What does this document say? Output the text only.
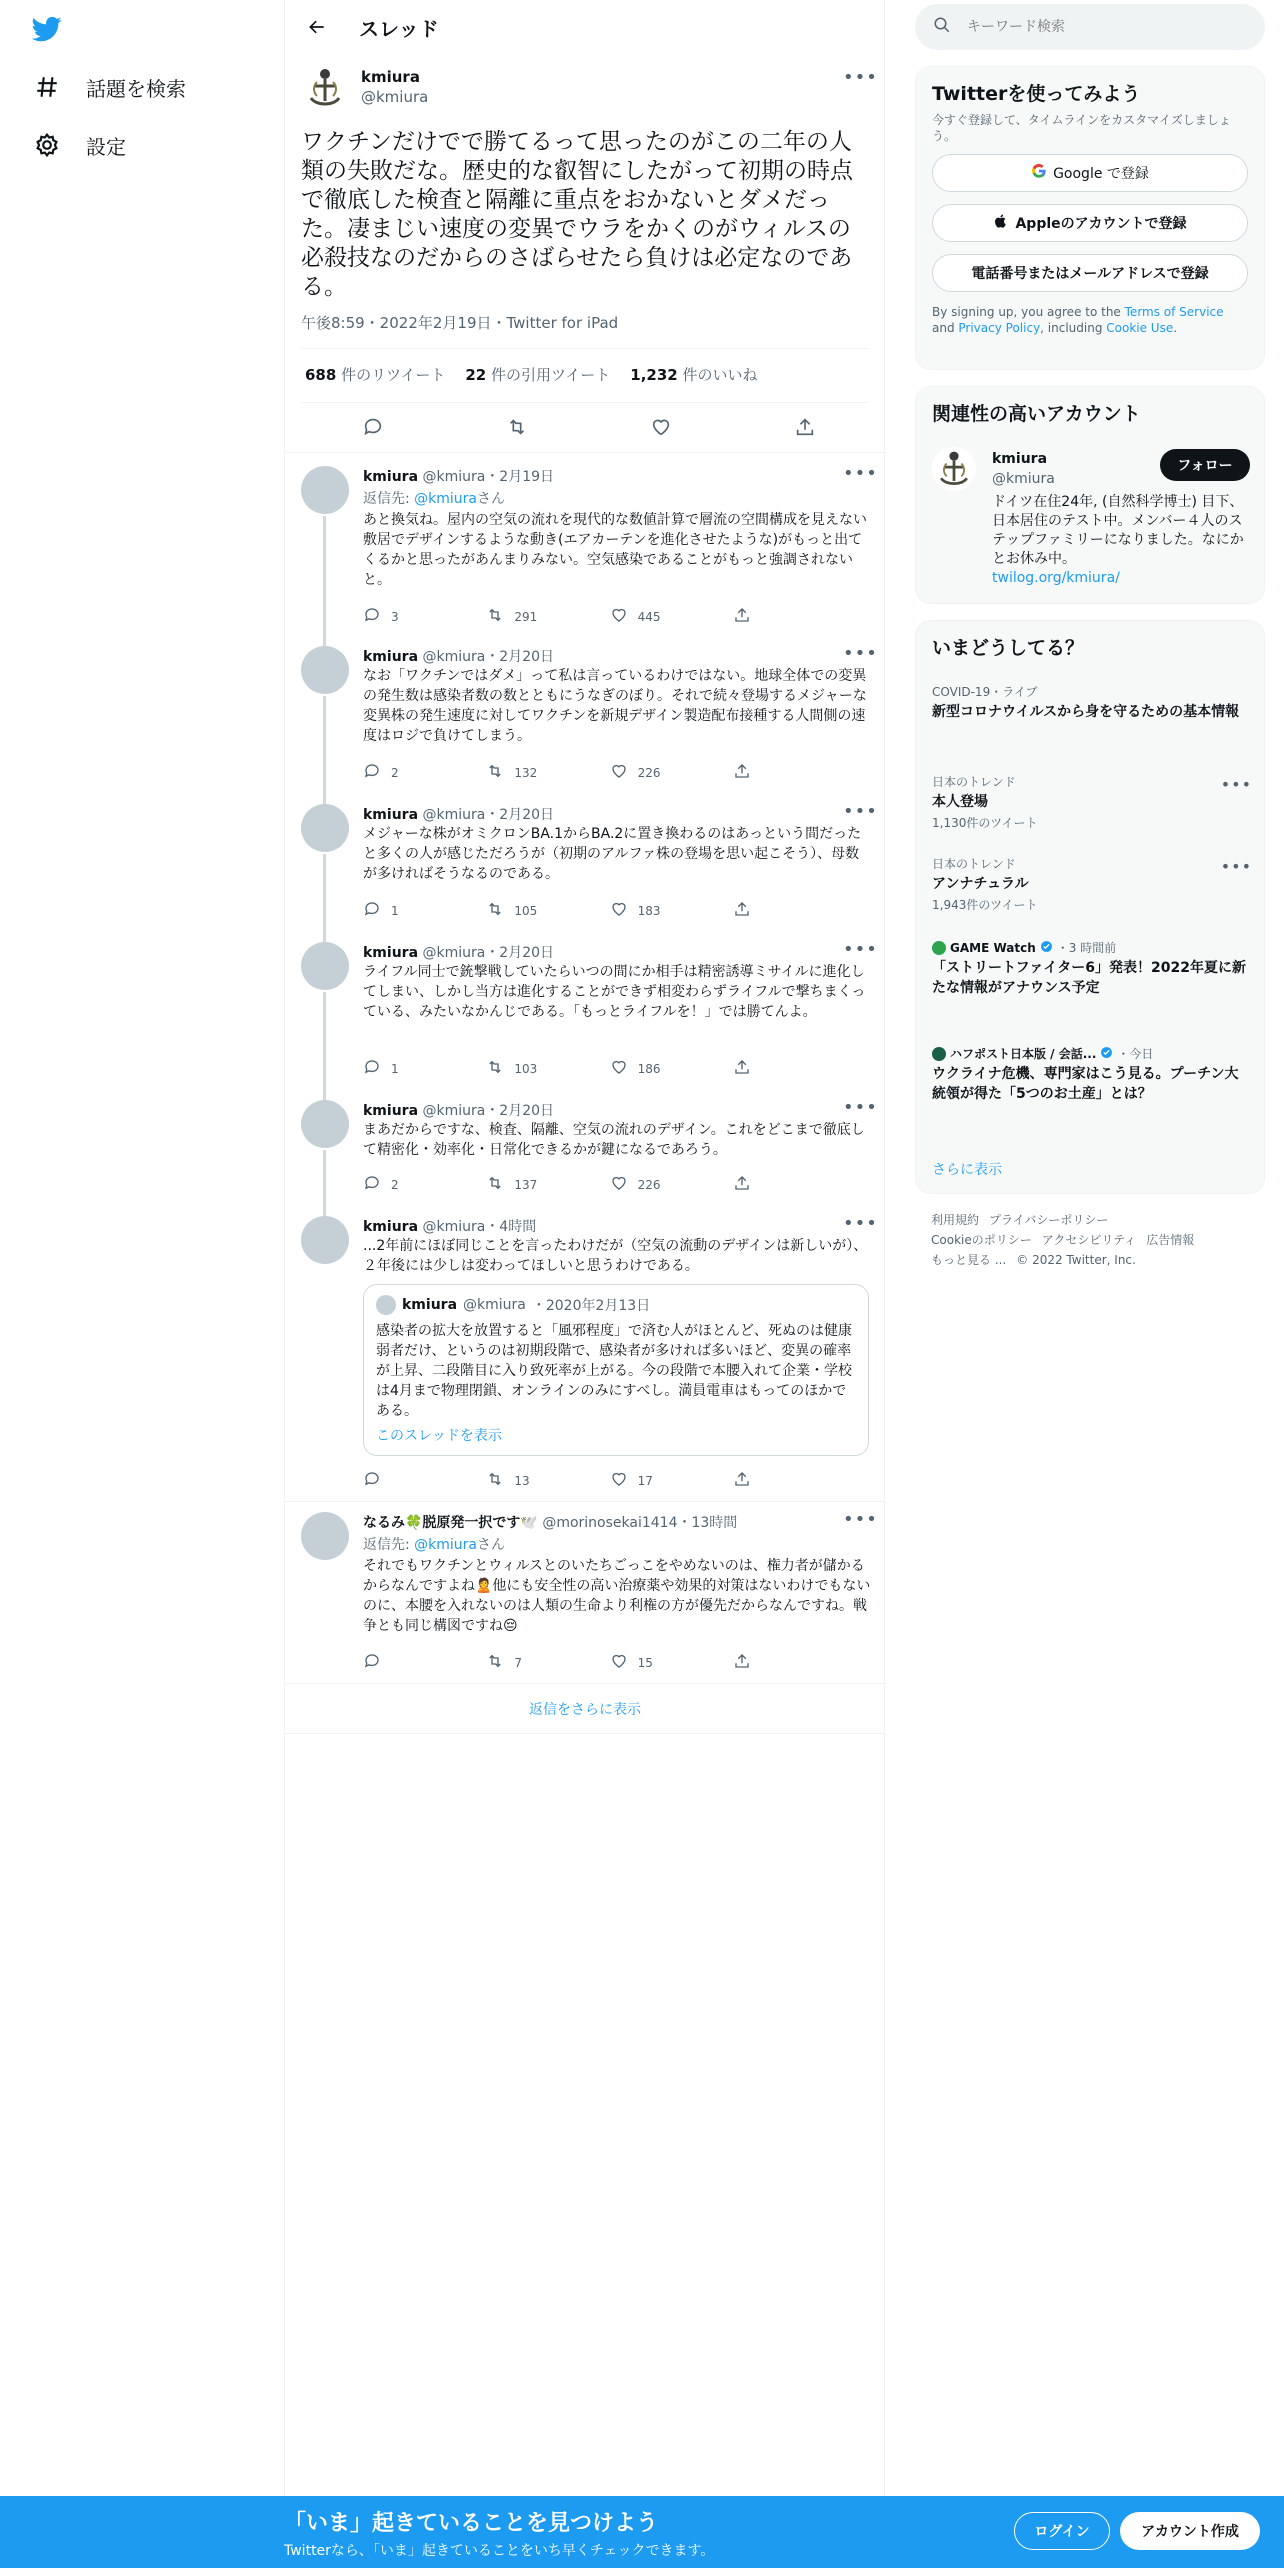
話題を検索
設定
スレッド
kmiura
@kmiura
•••
ワクチンだけでで勝てるって思ったのがこの二年の人類の失敗だな。歴史的な叡智にしたがって初期の時点で徹底した検査と隔離に重点をおかないとダメだった。凄まじい速度の変異でウラをかくのがウィルスの必殺技なのだからのさばらせたら負けは必定なのである。
午後8:59・2022年2月19日・Twitter for iPad
688 件のリツイート 22 件の引用ツイート 1,232 件のいいね
kmiura @kmiura・2月19日	•••
返信先: @kmiuraさん
あと換気ね。屋内の空気の流れを現代的な数値計算で層流の空間構成を見えない敷居でデザインするような動き(エアカーテンを進化させたような)がもっと出てくるかと思ったがあんまりみない。空気感染であることがもっと強調されないと。
3	291	445
kmiura @kmiura・2月20日	•••
なお「ワクチンではダメ」って私は言っているわけではない。地球全体での変異の発生数は感染者数の数とともにうなぎのぼり。それで続々登場するメジャーな変異株の発生速度に対してワクチンを新規デザイン製造配布接種する人間側の速度はロジで負けてしまう。
2	132	226
kmiura @kmiura・2月20日	•••
メジャーな株がオミクロンBA.1からBA.2に置き換わるのはあっという間だったと多くの人が感じただろうが（初期のアルファ株の登場を思い起こそう）、母数が多ければそうなるのである。
1	105	183
kmiura @kmiura・2月20日	•••
ライフル同士で銃撃戦していたらいつの間にか相手は精密誘導ミサイルに進化してしまい、しかし当方は進化することができず相変わらずライフルで撃ちまくっている、みたいなかんじである。「もっとライフルを！」では勝てんよ。
1	103	186
kmiura @kmiura・2月20日	•••
まあだからですな、検査、隔離、空気の流れのデザイン。これをどこまで徹底して精密化・効率化・日常化できるかが鍵になるであろう。
2	137	226
kmiura @kmiura・4時間	•••
...2年前にほぼ同じことを言ったわけだが（空気の流動のデザインは新しいが）、２年後には少しは変わってほしいと思うわけである。
kmiura @kmiura ・2020年2月13日
感染者の拡大を放置すると「風邪程度」で済む人がほとんど、死ぬのは健康弱者だけ、というのは初期段階で、感染者が多ければ多いほど、変異の確率が上昇、二段階目に入り致死率が上がる。今の段階で本腰入れて企業・学校は4月まで物理閉鎖、オンラインのみにすべし。満員電車はもってのほかである。
このスレッドを表示
13	17
なるみ🍀脱原発一択です🕊️ @morinosekai1414・13時間	•••
返信先: @kmiuraさん
それでもワクチンとウィルスとのいたちごっこをやめないのは、権力者が儲かるからなんですよね🙎他にも安全性の高い治療薬や効果的対策はないわけでもないのに、本腰を入れないのは人類の生命より利権の方が優先だからなんですね。戦争とも同じ構図ですね😔
7	15
返信をさらに表示
キーワード検索
Twitterを使ってみよう
今すぐ登録して、タイムラインをカスタマイズしましょう。
Google で登録
Appleのアカウントで登録
電話番号またはメールアドレスで登録
By signing up, you agree to the Terms of Service and Privacy Policy, including Cookie Use.
関連性の高いアカウント
kmiura
@kmiura
フォロー
ドイツ在住24年, (自然科学博士) 目下、日本居住のテスト中。メンバー４人のステップファミリーになりました。なにかとお休み中。
twilog.org/kmiura/
いまどうしてる？
COVID-19・ライブ
新型コロナウイルスから身を守るための基本情報
日本のトレンド
本人登場
1,130件のツイート
•••
日本のトレンド
アンナチュラル
1,943件のツイート
•••
GAME Watch ・3 時間前
「ストリートファイター6」発表！2022年夏に新たな情報がアナウンス予定
ハフポスト日本版 / 会話... ・今日
ウクライナ危機、専門家はこう見る。プーチン大統領が得た「5つのお土産」とは？
さらに表示
利用規約 プライバシーポリシー
Cookieのポリシー アクセシビリティ 広告情報
もっと見る ... © 2022 Twitter, Inc.
「いま」起きていることを見つけよう
Twitterなら、「いま」起きていることをいち早くチェックできます。
ログイン	アカウント作成
